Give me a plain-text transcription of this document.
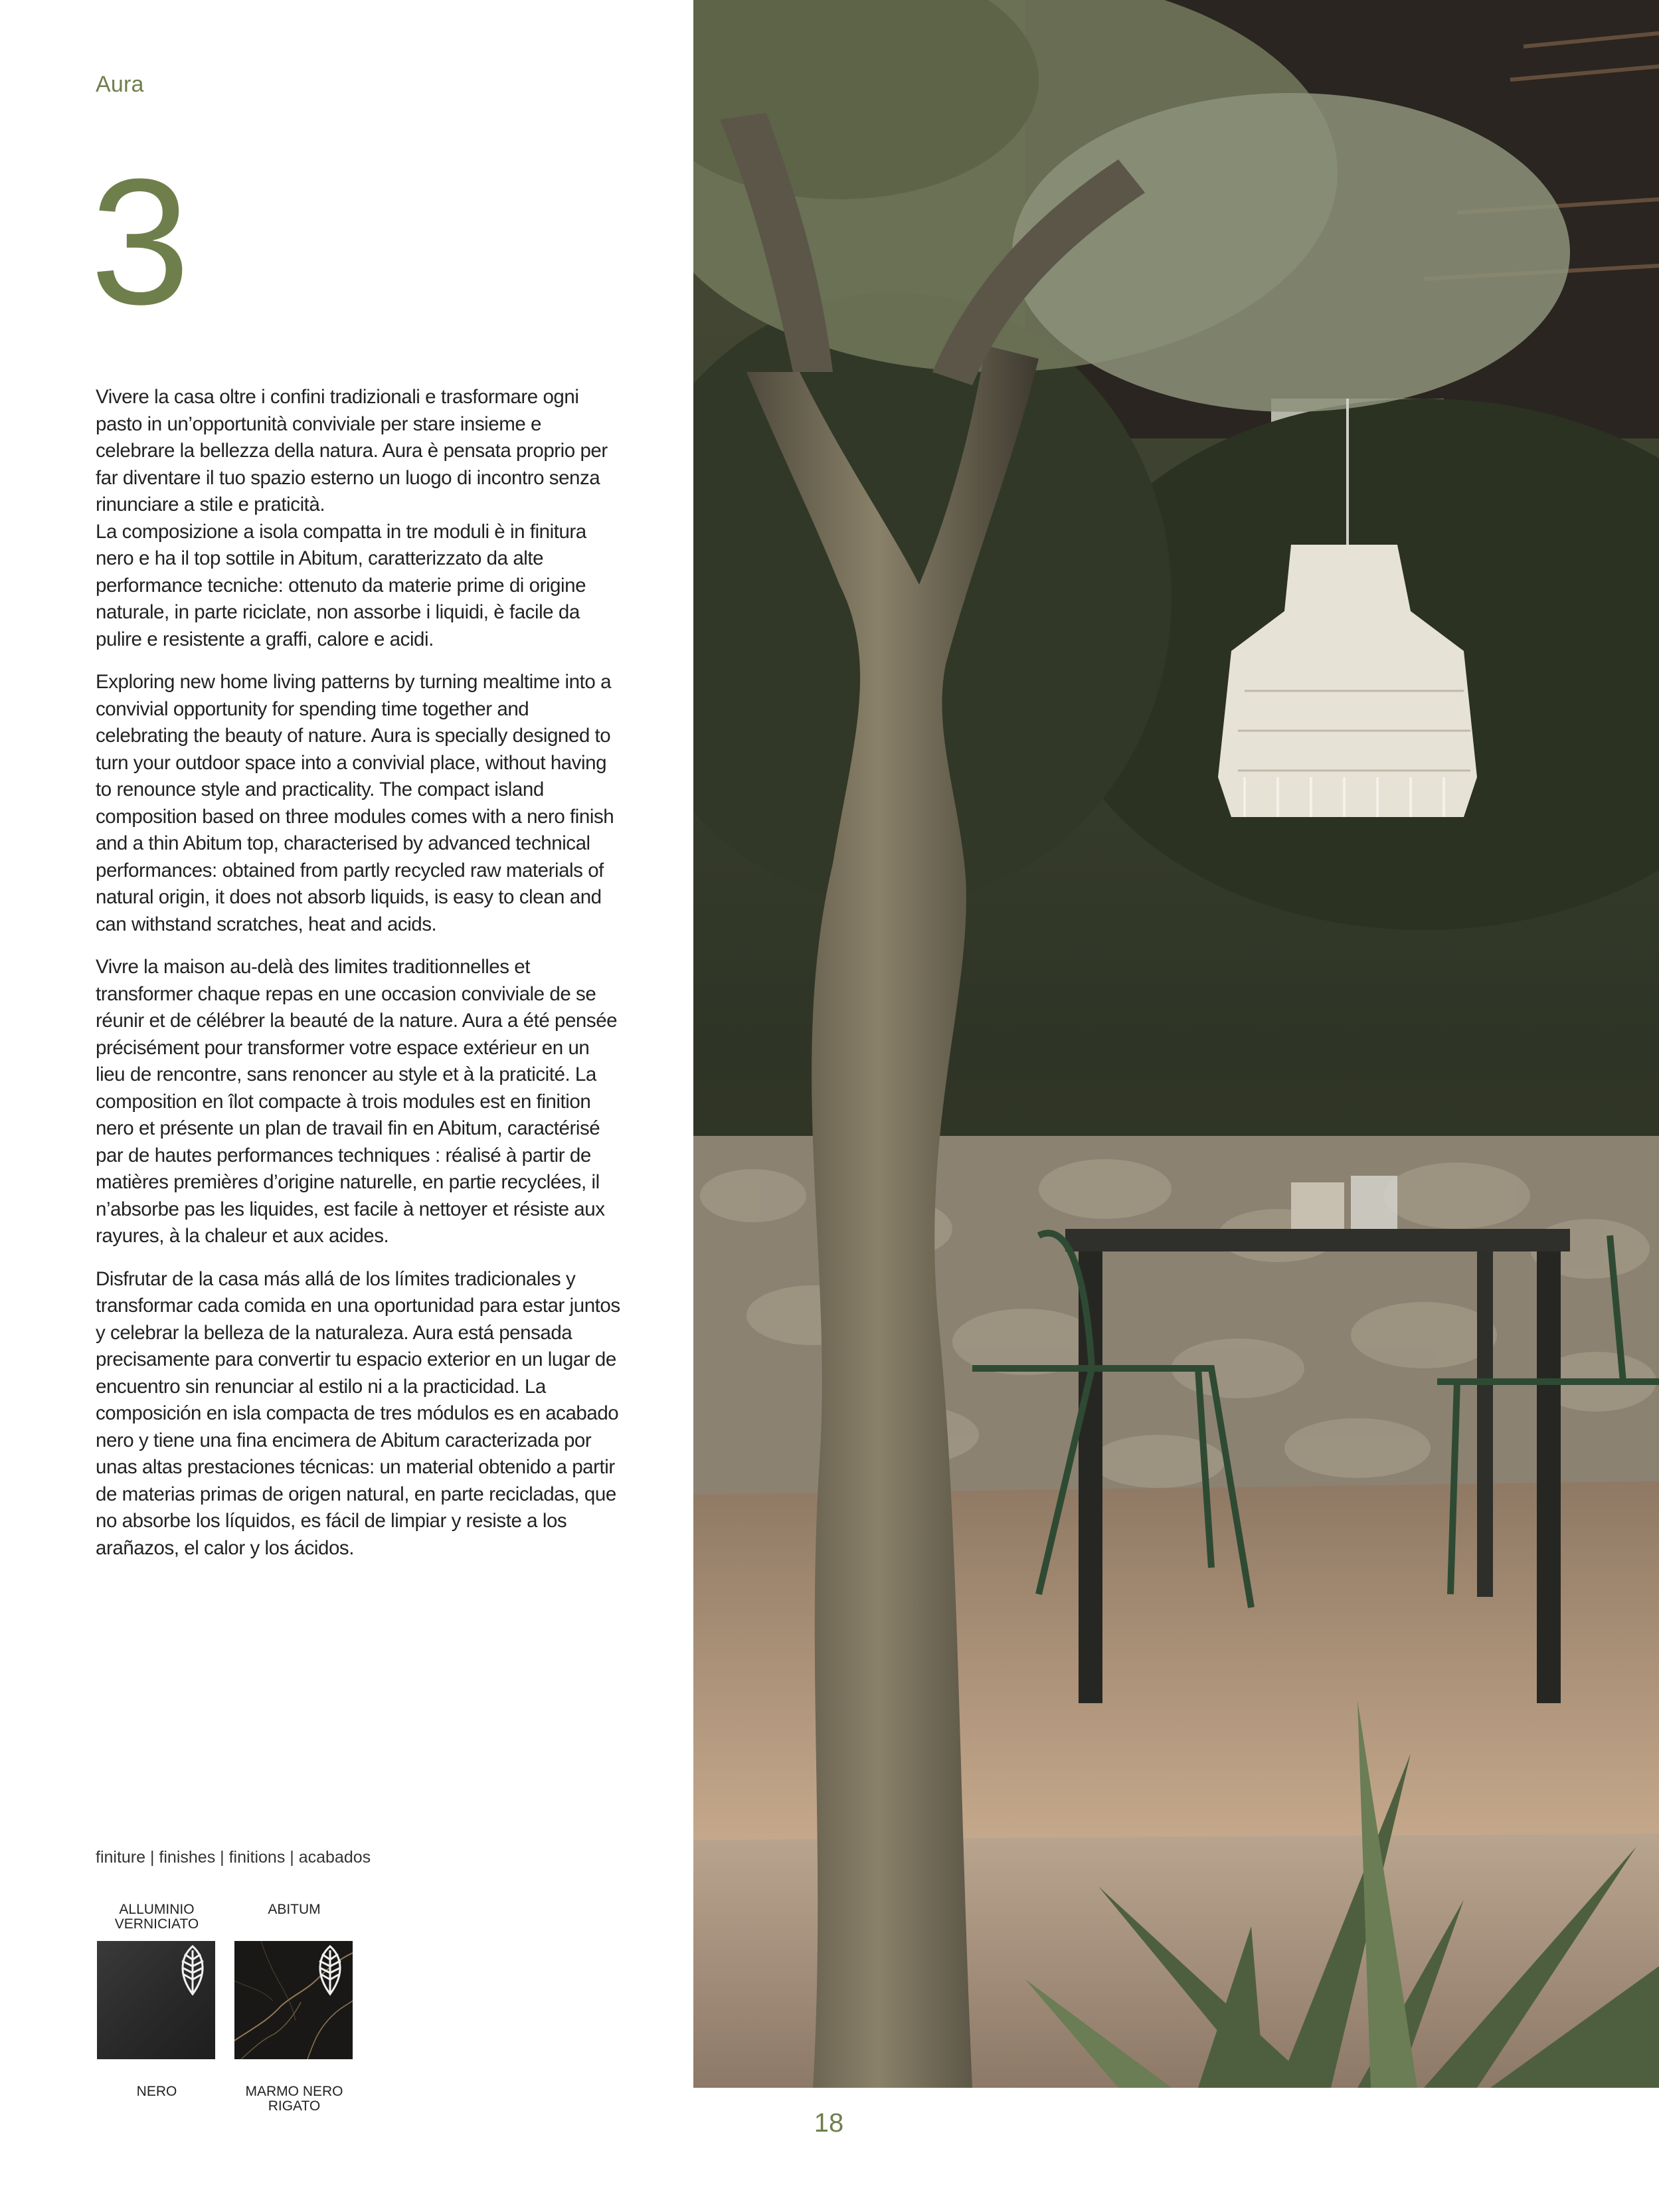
Aura
3

Vivere la casa oltre i confini tradizionali e trasformare ogni pasto in un’opportunità conviviale per stare insieme e celebrare la bellezza della natura. Aura è pensata proprio per far diventare il tuo spazio esterno un luogo di incontro senza rinunciare a stile e praticità.
La composizione a isola compatta in tre moduli è in finitura nero e ha il top sottile in Abitum, caratterizzato da alte performance tecniche: ottenuto da materie prime di origine naturale, in parte riciclate, non assorbe i liquidi, è facile da pulire e resistente a graffi, calore e acidi.

Exploring new home living patterns by turning mealtime into a convivial opportunity for spending time together and celebrating the beauty of nature. Aura is specially designed to turn your outdoor space into a convivial place, without having to renounce style and practicality. The compact island composition based on three modules comes with a nero finish and a thin Abitum top, characterised by advanced technical performances: obtained from partly recycled raw materials of natural origin, it does not absorb liquids, is easy to clean and can withstand scratches, heat and acids.

Vivre la maison au-delà des limites traditionnelles et transformer chaque repas en une occasion conviviale de se réunir et de célébrer la beauté de la nature. Aura a été pensée précisément pour transformer votre espace extérieur en un lieu de rencontre, sans renoncer au style et à la praticité. La composition en îlot compacte à trois modules est en finition nero et présente un plan de travail fin en Abitum, caractérisé par de hautes performances techniques : réalisé à partir de matières premières d’origine naturelle, en partie recyclées, il n’absorbe pas les liquides, est facile à nettoyer et résiste aux rayures, à la chaleur et aux acides.

Disfrutar de la casa más allá de los límites tradicionales y transformar cada comida en una oportunidad para estar juntos y celebrar la belleza de la naturaleza. Aura está pensada precisamente para convertir tu espacio exterior en un lugar de encuentro sin renunciar al estilo ni a la practicidad. La composición en isla compacta de tres módulos es en acabado nero y tiene una fina encimera de Abitum caracterizada por unas altas prestaciones técnicas: un material obtenido a partir de materias primas de origen natural, en parte recicladas, que no absorbe los líquidos, es fácil de limpiar y resiste a los arañazos, el calor y los ácidos.

finiture | finishes | finitions | acabados
ALLUMINIO VERNICIATO
NERO
ABITUM
MARMO NERO RIGATO
18
